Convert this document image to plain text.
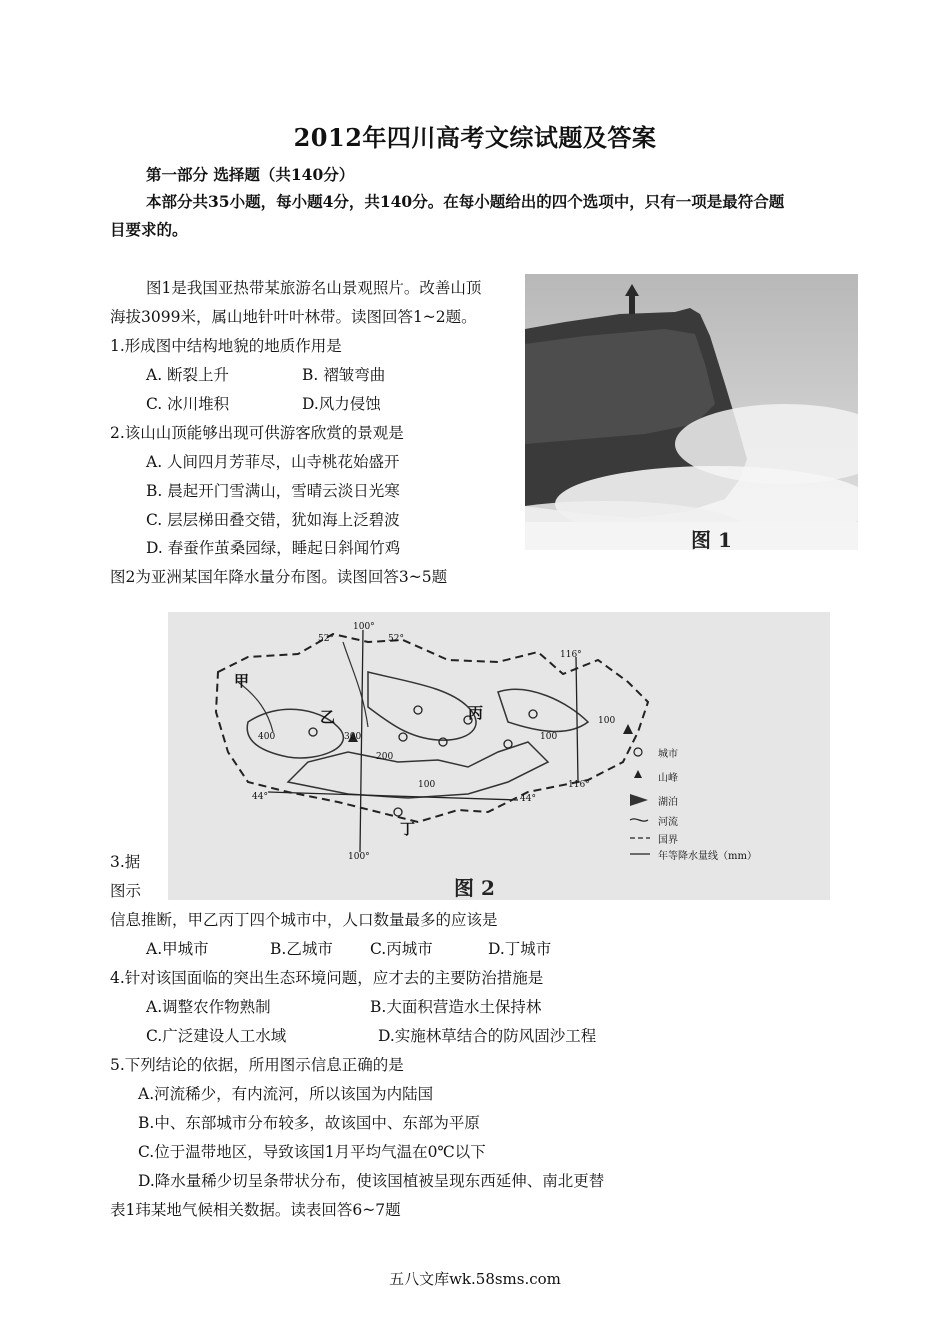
2012年四川高考文综试题及答案
第一部分 选择题（共140分）
本部分共35小题，每小题4分，共140分。在每小题给出的四个选项中，只有一项是最符合题
目要求的。
图1是我国亚热带某旅游名山景观照片。改善山顶
海拔3099米，属山地针叶叶林带。读图回答1~2题。
1.形成图中结构地貌的地质作用是
A. 断裂上升	B. 褶皱弯曲
C. 冰川堆积	D.风力侵蚀
2.该山山顶能够出现可供游客欣赏的景观是
A. 人间四月芳菲尽，山寺桃花始盛开
B. 晨起开门雪满山，雪晴云淡日光寒
C. 层层梯田叠交错，犹如海上泛碧波
D. 春蚕作茧桑园绿，睡起日斜闻竹鸡	图 1
图2为亚洲某国年降水量分布图。读图回答3~5题
52°
100°
52°
116°
116°
44°	44°
100°
甲
乙	丙
丁
200
100
100
300
100
400
城市
山峰
湖泊
河流
国界
年等降水量线（mm）
图 2
3.据
图示
信息推断，甲乙丙丁四个城市中，人口数量最多的应该是
A.甲城市	B.乙城市 C.丙城市	D.丁城市
4.针对该国面临的突出生态环境问题，应才去的主要防治措施是
A.调整农作物熟制	B.大面积营造水土保持林
C.广泛建设人工水域	D.实施林草结合的防风固沙工程
5.下列结论的依据，所用图示信息正确的是
A.河流稀少，有内流河，所以该国为内陆国
B.中、东部城市分布较多，故该国中、东部为平原
C.位于温带地区，导致该国1月平均气温在0℃以下
D.降水量稀少切呈条带状分布，使该国植被呈现东西延伸、南北更替
表1玮某地气候相关数据。读表回答6~7题
五八文库wk.58sms.com
